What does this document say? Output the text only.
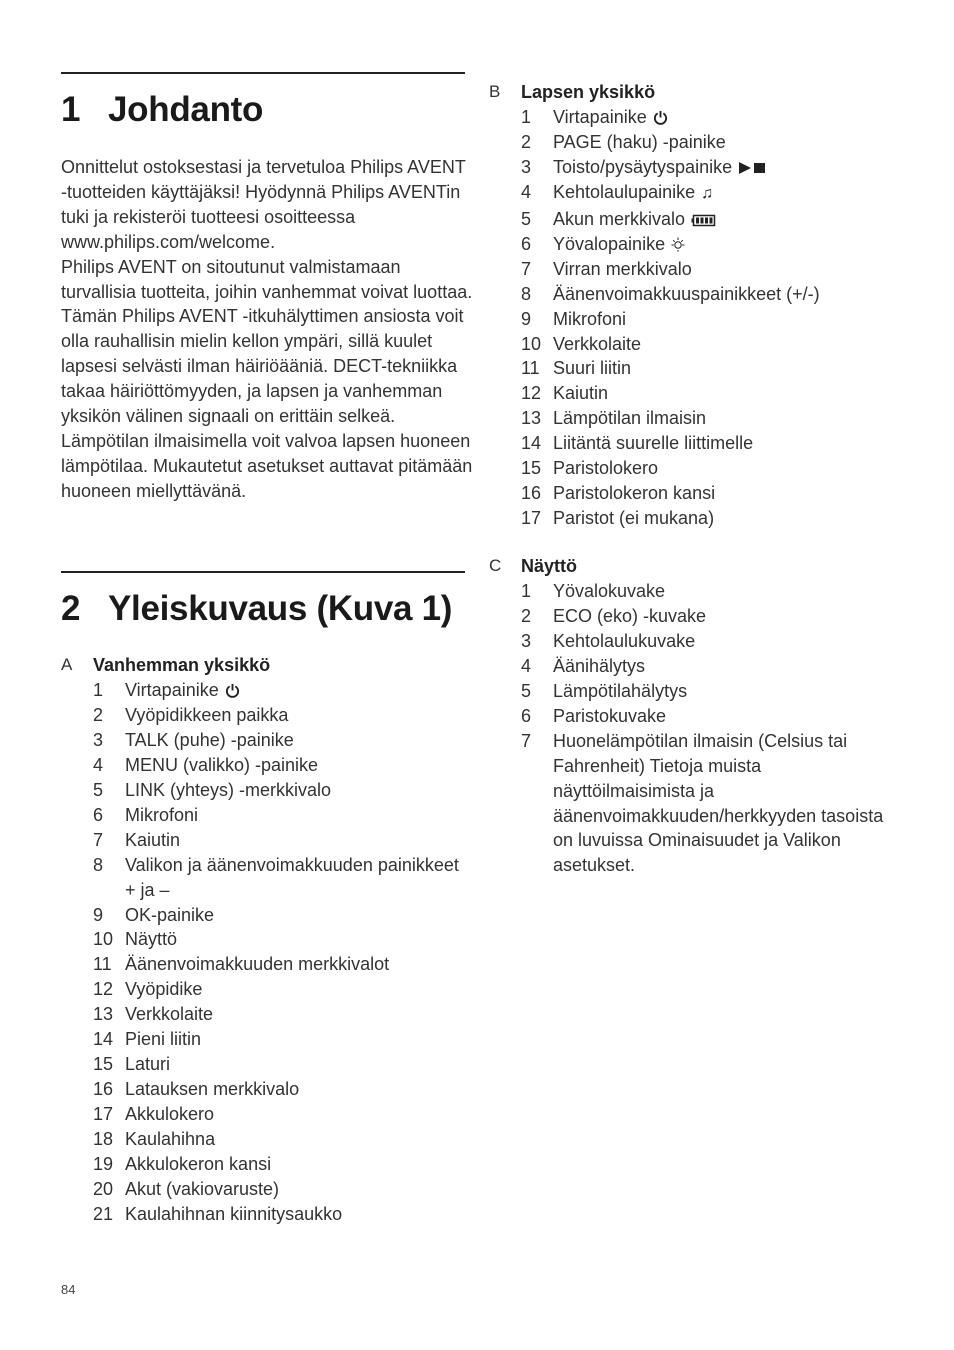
1 Johdanto

Onnittelut ostoksestasi ja tervetuloa Philips AVENT -tuotteiden käyttäjäksi! Hyödynnä Philips AVENTin tuki ja rekisteröi tuotteesi osoitteessa www.philips.com/welcome.

Philips AVENT on sitoutunut valmistamaan turvallisia tuotteita, joihin vanhemmat voivat luottaa. Tämän Philips AVENT -itkuhälyttimen ansiosta voit olla rauhallisin mielin kellon ympäri, sillä kuulet lapsesi selvästi ilman häiriöääniä. DECT-tekniikka takaa häiriöttömyyden, ja lapsen ja vanhemman yksikön välinen signaali on erittäin selkeä.

Lämpötilan ilmaisimella voit valvoa lapsen huoneen lämpötilaa. Mukautetut asetukset auttavat pitämään huoneen miellyttävänä.

2 Yleiskuvaus (Kuva 1)
A Vanhemman yksikkö
1 Virtapainike
2 Vyöpidikkeen paikka
3 TALK (puhe) -painike
4 MENU (valikko) -painike
5 LINK (yhteys) -merkkivalo
6 Mikrofoni
7 Kaiutin
8 Valikon ja äänenvoimakkuuden painikkeet + ja –
9 OK-painike
10 Näyttö
11 Äänenvoimakkuuden merkkivalot
12 Vyöpidike
13 Verkkolaite
14 Pieni liitin
15 Laturi
16 Latauksen merkkivalo
17 Akkulokero
18 Kaulahihna
19 Akkulokeron kansi
20 Akut (vakiovaruste)
21 Kaulahihnan kiinnitysaukko
B Lapsen yksikkö
1 Virtapainike
2 PAGE (haku) -painike
3 Toisto/pysäytyspainike
4 Kehtolaulupainike ♫
5 Akun merkkivalo
6 Yövalopainike
7 Virran merkkivalo
8 Äänenvoimakkuuspainikkeet (+/-)
9 Mikrofoni
10 Verkkolaite
11 Suuri liitin
12 Kaiutin
13 Lämpötilan ilmaisin
14 Liitäntä suurelle liittimelle
15 Paristolokero
16 Paristolokeron kansi
17 Paristot (ei mukana)
C Näyttö
1 Yövalokuvake
2 ECO (eko) -kuvake
3 Kehtolaulukuvake
4 Äänihälytys
5 Lämpötilahälytys
6 Paristokuvake
7 Huonelämpötilan ilmaisin (Celsius tai Fahrenheit) Tietoja muista näyttöilmaisimista ja äänenvoimakkuuden/herkkyyden tasoista on luvuissa Ominaisuudet ja Valikon asetukset.
84
